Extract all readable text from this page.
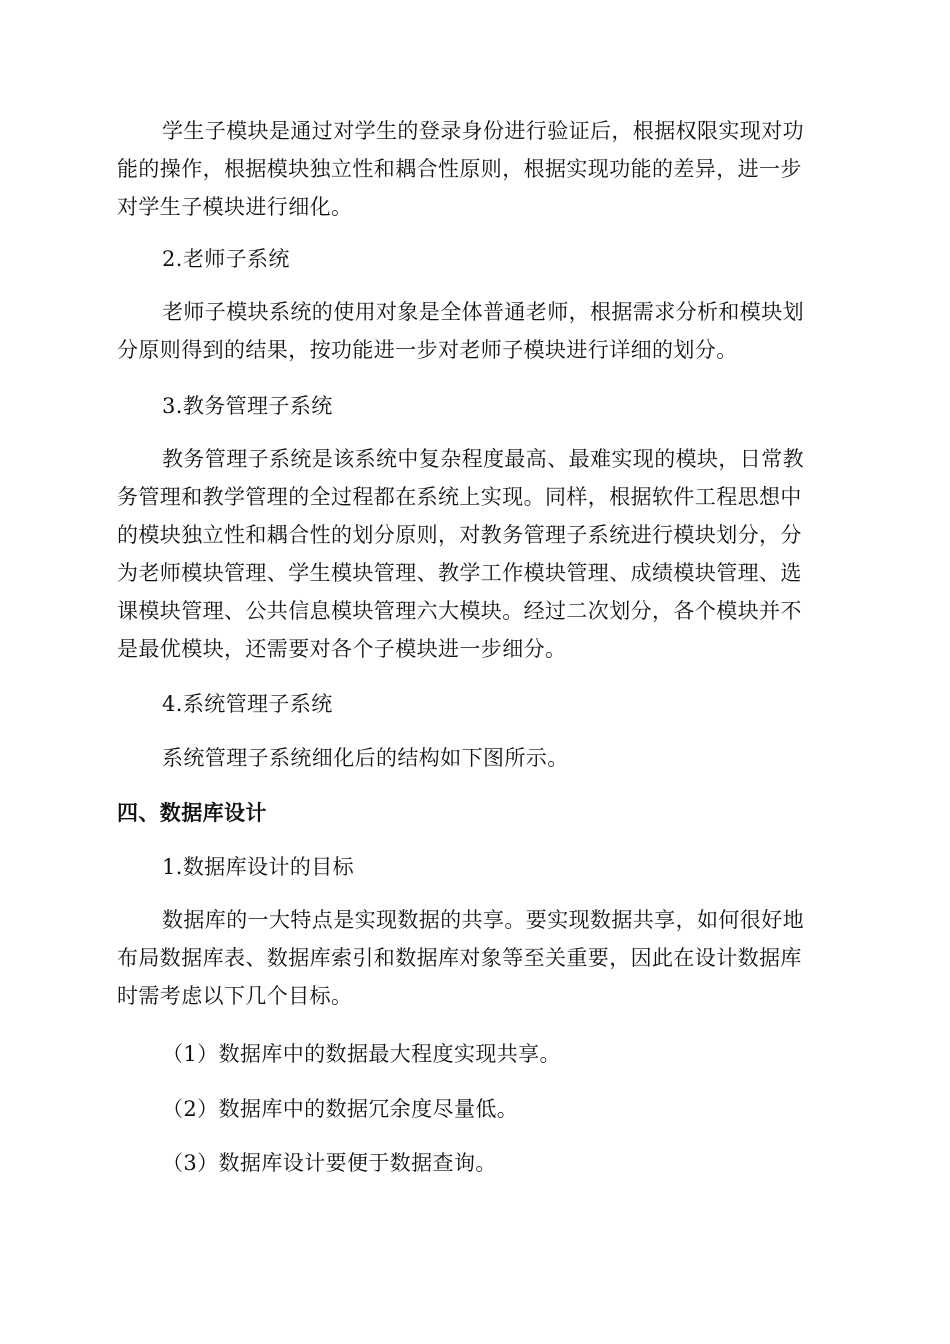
学生子模块是通过对学生的登录身份进行验证后，根据权限实现对功
能的操作，根据模块独立性和耦合性原则，根据实现功能的差异，进一步
对学生子模块进行细化。
2.老师子系统
老师子模块系统的使用对象是全体普通老师，根据需求分析和模块划
分原则得到的结果，按功能进一步对老师子模块进行详细的划分。
3.教务管理子系统
教务管理子系统是该系统中复杂程度最高、最难实现的模块，日常教
务管理和教学管理的全过程都在系统上实现。同样，根据软件工程思想中
的模块独立性和耦合性的划分原则，对教务管理子系统进行模块划分，分
为老师模块管理、学生模块管理、教学工作模块管理、成绩模块管理、选
课模块管理、公共信息模块管理六大模块。经过二次划分，各个模块并不
是最优模块，还需要对各个子模块进一步细分。
4.系统管理子系统
系统管理子系统细化后的结构如下图所示。
四、数据库设计
1.数据库设计的目标
数据库的一大特点是实现数据的共享。要实现数据共享，如何很好地
布局数据库表、数据库索引和数据库对象等至关重要，因此在设计数据库
时需考虑以下几个目标。
（1）数据库中的数据最大程度实现共享。
（2）数据库中的数据冗余度尽量低。
（3）数据库设计要便于数据查询。
